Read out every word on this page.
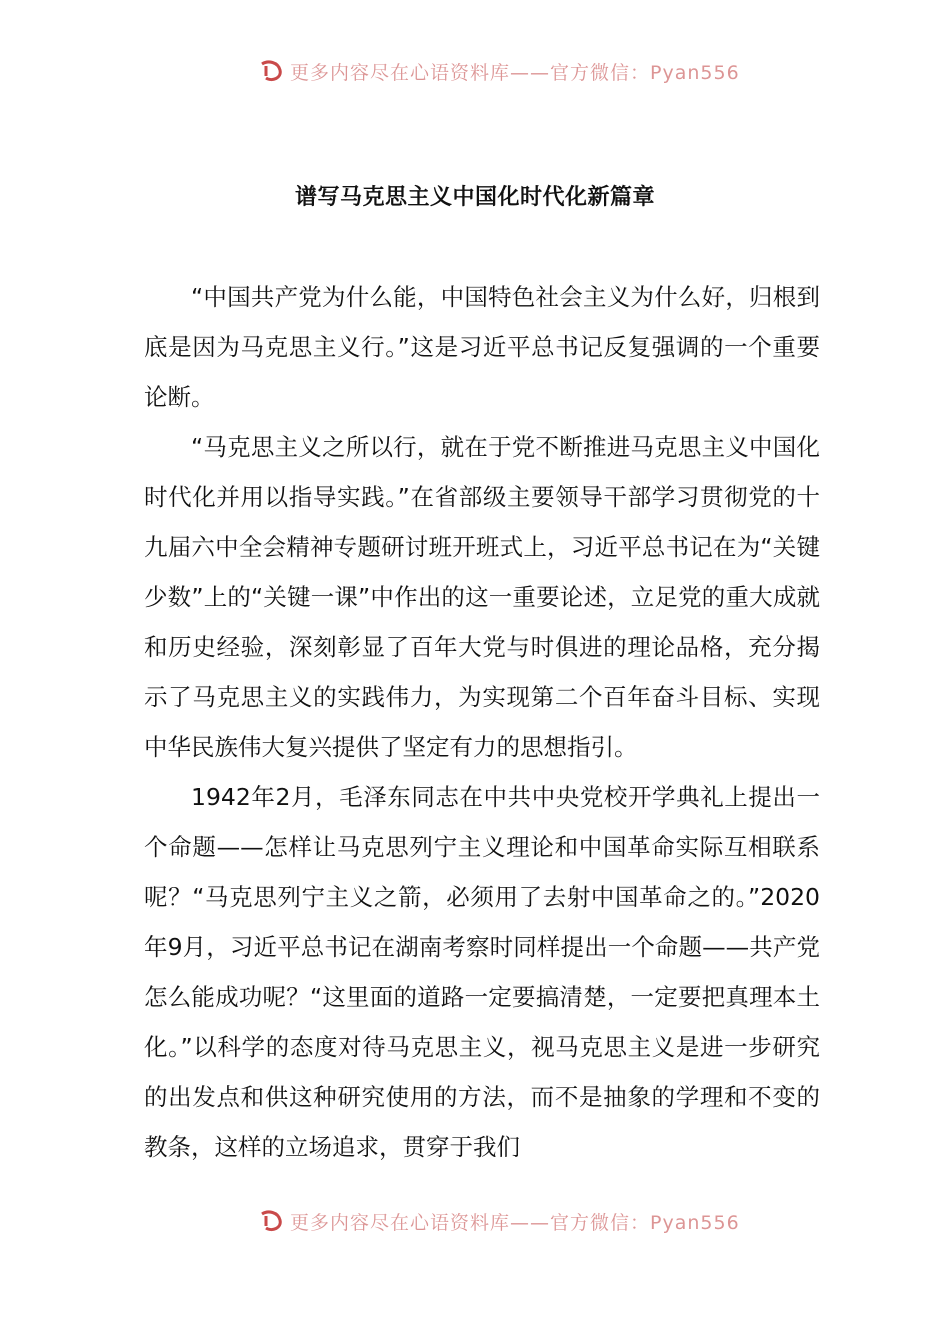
更多内容尽在心语资料库——官方微信：Pyan556
谱写马克思主义中国化时代化新篇章

“中国共产党为什么能，中国特色社会主义为什么好，归根到底是因为马克思主义行。”这是习近平总书记反复强调的一个重要论断。

“马克思主义之所以行，就在于党不断推进马克思主义中国化时代化并用以指导实践。”在省部级主要领导干部学习贯彻党的十九届六中全会精神专题研讨班开班式上，习近平总书记在为“关键少数”上的“关键一课”中作出的这一重要论述，立足党的重大成就和历史经验，深刻彰显了百年大党与时俱进的理论品格，充分揭示了马克思主义的实践伟力，为实现第二个百年奋斗目标、实现中华民族伟大复兴提供了坚定有力的思想指引。

1942年2月，毛泽东同志在中共中央党校开学典礼上提出一个命题——怎样让马克思列宁主义理论和中国革命实际互相联系呢？“马克思列宁主义之箭，必须用了去射中国革命之的。”2020年9月，习近平总书记在湖南考察时同样提出一个命题——共产党怎么能成功呢？“这里面的道路一定要搞清楚，一定要把真理本土化。”以科学的态度对待马克思主义，视马克思主义是进一步研究的出发点和供这种研究使用的方法，而不是抽象的学理和不变的教条，这样的立场追求，贯穿于我们

更多内容尽在心语资料库——官方微信：Pyan556
